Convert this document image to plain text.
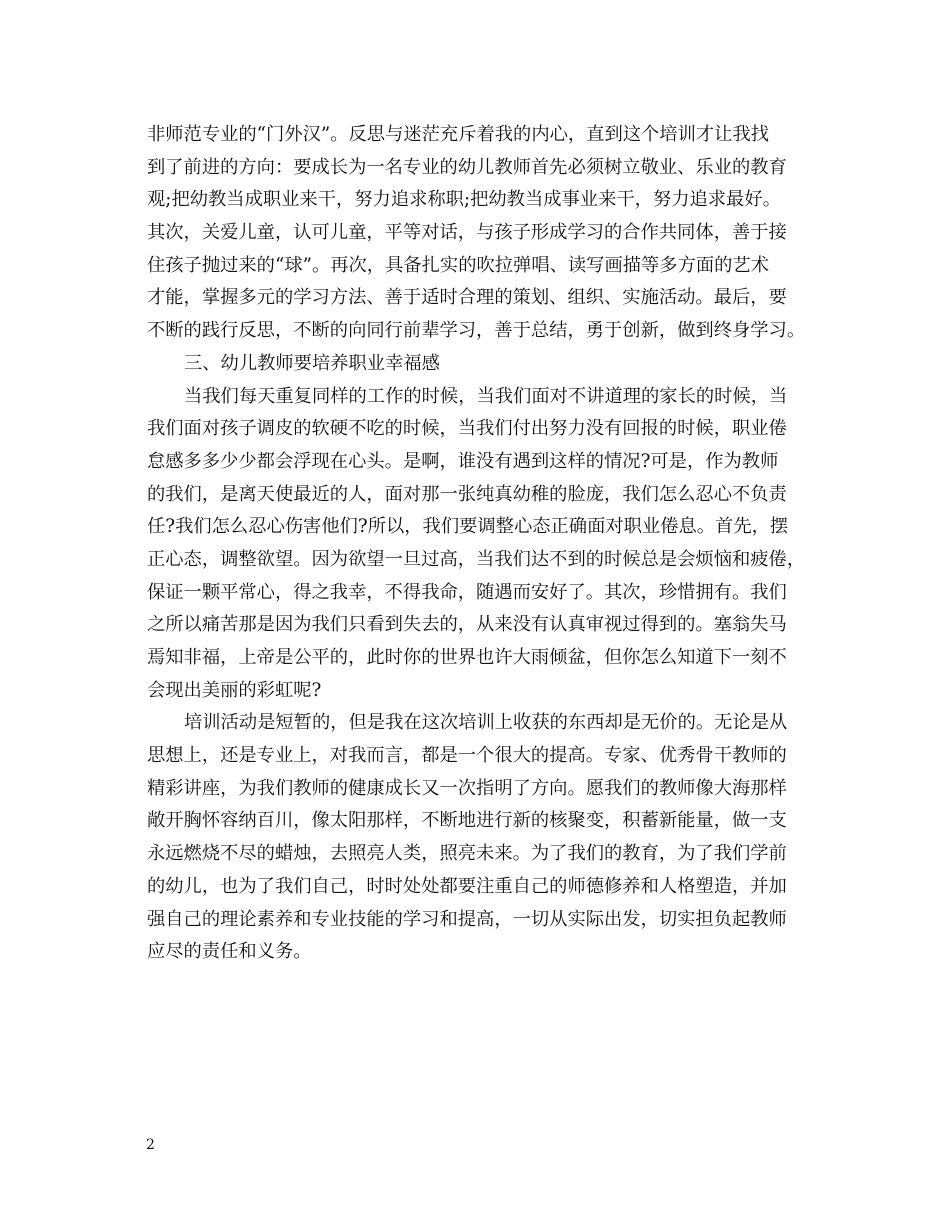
非师范专业的“门外汉”。反思与迷茫充斥着我的内心，直到这个培训才让我找
到了前进的方向：要成长为一名专业的幼儿教师首先必须树立敬业、乐业的教育
观;把幼教当成职业来干，努力追求称职;把幼教当成事业来干，努力追求最好。
其次，关爱儿童，认可儿童，平等对话，与孩子形成学习的合作共同体，善于接
住孩子抛过来的“球”。再次，具备扎实的吹拉弹唱、读写画描等多方面的艺术
才能，掌握多元的学习方法、善于适时合理的策划、组织、实施活动。最后，要
不断的践行反思，不断的向同行前辈学习，善于总结，勇于创新，做到终身学习。
三、幼儿教师要培养职业幸福感
当我们每天重复同样的工作的时候，当我们面对不讲道理的家长的时候，当
我们面对孩子调皮的软硬不吃的时候，当我们付出努力没有回报的时候，职业倦
怠感多多少少都会浮现在心头。是啊，谁没有遇到这样的情况?可是，作为教师
的我们，是离天使最近的人，面对那一张纯真幼稚的脸庞，我们怎么忍心不负责
任?我们怎么忍心伤害他们?所以，我们要调整心态正确面对职业倦息。首先，摆
正心态，调整欲望。因为欲望一旦过高，当我们达不到的时候总是会烦恼和疲倦，
保证一颗平常心，得之我幸，不得我命，随遇而安好了。其次，珍惜拥有。我们
之所以痛苦那是因为我们只看到失去的，从来没有认真审视过得到的。塞翁失马
焉知非福，上帝是公平的，此时你的世界也许大雨倾盆，但你怎么知道下一刻不
会现出美丽的彩虹呢?
培训活动是短暂的，但是我在这次培训上收获的东西却是无价的。无论是从
思想上，还是专业上，对我而言，都是一个很大的提高。专家、优秀骨干教师的
精彩讲座，为我们教师的健康成长又一次指明了方向。愿我们的教师像大海那样
敞开胸怀容纳百川，像太阳那样，不断地进行新的核聚变，积蓄新能量，做一支
永远燃烧不尽的蜡烛，去照亮人类，照亮未来。为了我们的教育，为了我们学前
的幼儿，也为了我们自己，时时处处都要注重自己的师德修养和人格塑造，并加
强自己的理论素养和专业技能的学习和提高，一切从实际出发，切实担负起教师
应尽的责任和义务。
2
